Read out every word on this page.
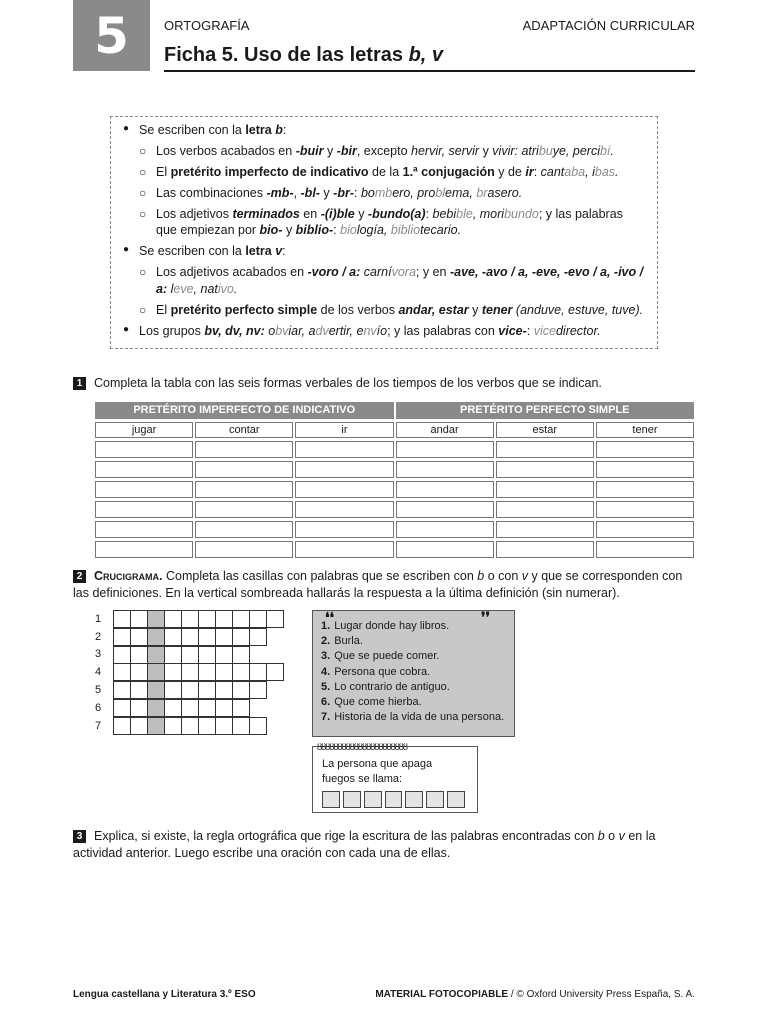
5	ORTOGRAFÍA	ADAPTACIÓN CURRICULAR
Ficha 5. Uso de las letras b, v
● Se escriben con la letra b:
○ Los verbos acabados en -buir y -bir, excepto hervir, servir y vivir: atribuye, percibí.
○ El pretérito imperfecto de indicativo de la 1.ª conjugación y de ir: cantaba, ibas.
○ Las combinaciones -mb-, -bl- y -br-: bombero, problema, brasero.
○ Los adjetivos terminados en -(i)ble y -bundo(a): bebible, moribundo; y las palabras que empiezan por bio- y biblio-: biología, bibliotecario.
● Se escriben con la letra v:
○ Los adjetivos acabados en -voro / a: carnívora; y en -ave, -avo / a, -eve, -evo / a, -ivo / a: leve, nativo.
○ El pretérito perfecto simple de los verbos andar, estar y tener (anduve, estuve, tuve).
● Los grupos bv, dv, nv: obviar, advertir, envío; y las palabras con vice-: vicedirector.
1 Completa la tabla con las seis formas verbales de los tiempos de los verbos que se indican.
PRETÉRITO IMPERFECTO DE INDICATIVO	PRETÉRITO PERFECTO SIMPLE
jugar	contar	ir	andar	estar	tener
2 Crucigrama. Completa las casillas con palabras que se escriben con b o con v y que se corresponden con las definiciones. En la vertical sombreada hallarás la respuesta a la última definición (sin numerar).
1
2
3
4
5
6
7
❛❛	❜❜
1. Lugar donde hay libros.
2. Burla.
3. Que se puede comer.
4. Persona que cobra.
5. Lo contrario de antiguo.
6. Que come hierba.
7. Historia de la vida de una persona.
ȣȣȣȣȣȣȣȣȣȣȣȣȣȣȣȣȣȣȣȣȣȣ
La persona que apaga fuegos se llama:
3 Explica, si existe, la regla ortográfica que rige la escritura de las palabras encontradas con b o v en la actividad anterior. Luego escribe una oración con cada una de ellas.
Lengua castellana y Literatura 3.º ESO	MATERIAL FOTOCOPIABLE / © Oxford University Press España, S. A.
